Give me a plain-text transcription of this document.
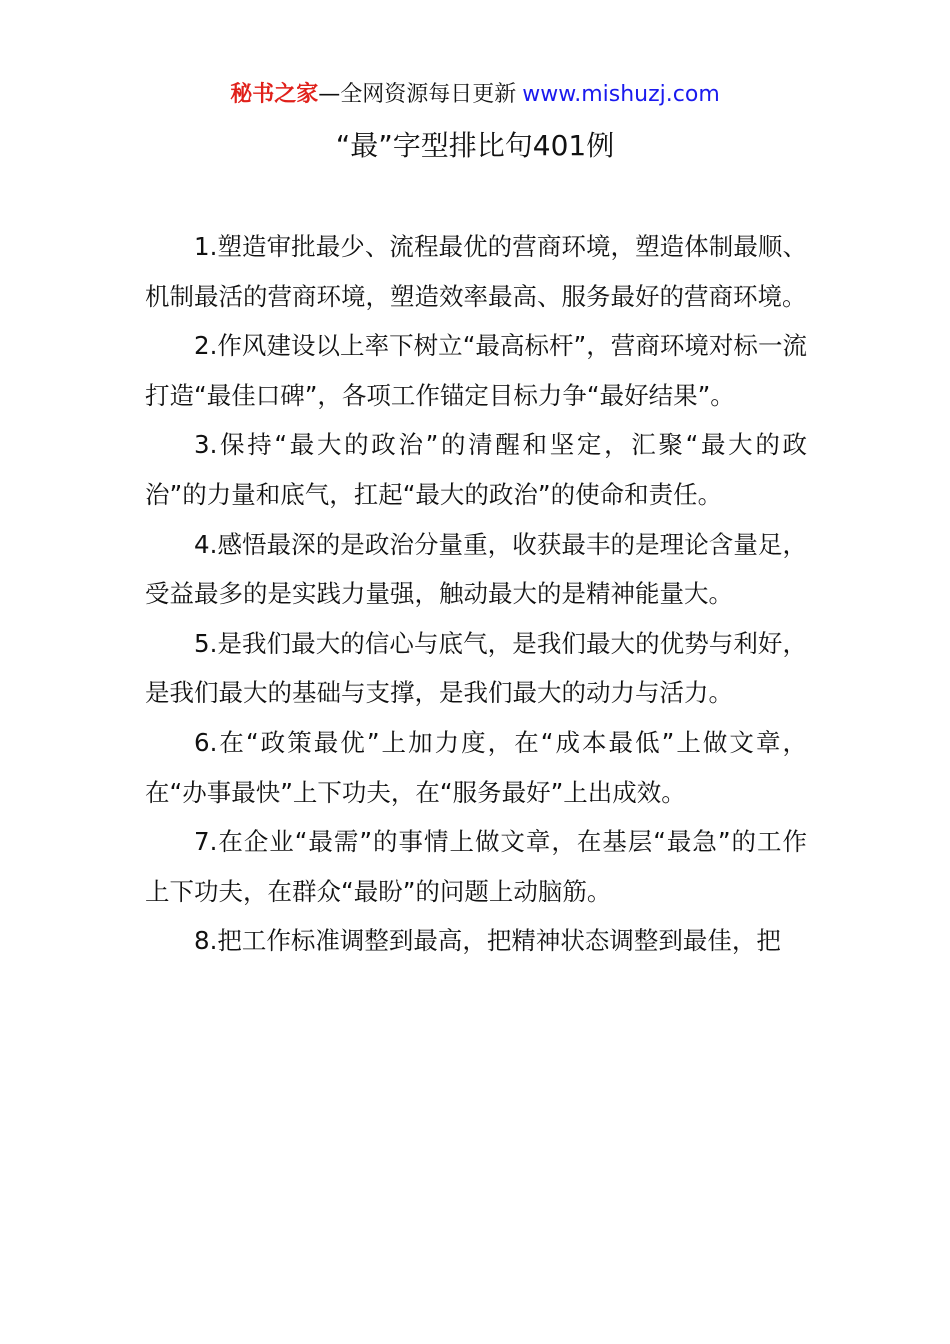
秘书之家—全网资源每日更新 www.mishuzj.com
“最”字型排比句401例

1.塑造审批最少、流程最优的营商环境，塑造体制最顺、机制最活的营商环境，塑造效率最高、服务最好的营商环境。

2.作风建设以上率下树立“最高标杆”，营商环境对标一流打造“最佳口碑”，各项工作锚定目标力争“最好结果”。

3.保持“最大的政治”的清醒和坚定，汇聚“最大的政治”的力量和底气，扛起“最大的政治”的使命和责任。

4.感悟最深的是政治分量重，收获最丰的是理论含量足，受益最多的是实践力量强，触动最大的是精神能量大。

5.是我们最大的信心与底气，是我们最大的优势与利好，是我们最大的基础与支撑，是我们最大的动力与活力。

6.在“政策最优”上加力度，在“成本最低”上做文章，在“办事最快”上下功夫，在“服务最好”上出成效。

7.在企业“最需”的事情上做文章，在基层“最急”的工作上下功夫，在群众“最盼”的问题上动脑筋。

8.把工作标准调整到最高，把精神状态调整到最佳，把
